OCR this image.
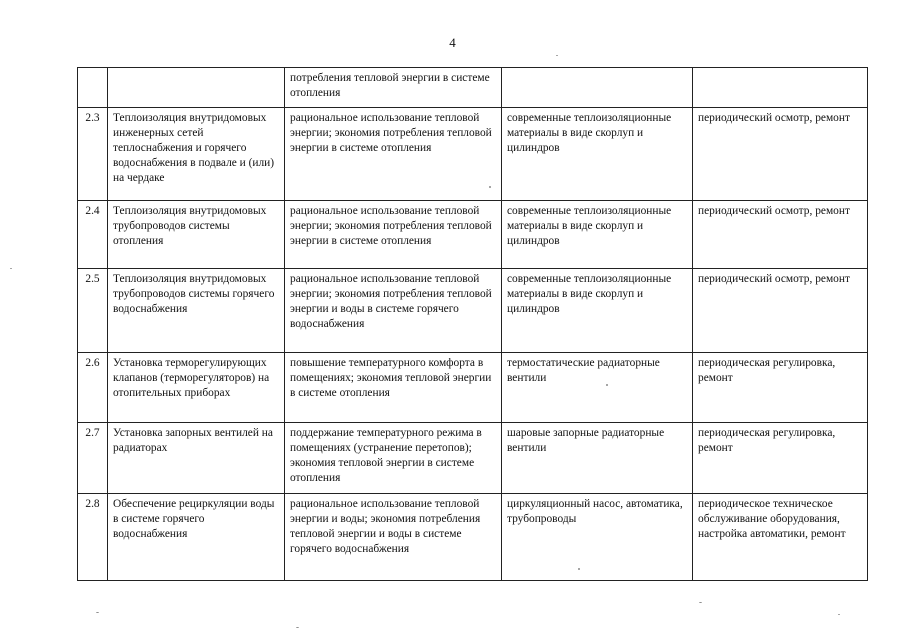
4
		потребления тепловой энергии в системе отопления		
2.3	Теплоизоляция внутридомовых инженерных сетей теплоснабжения и горячего водоснабжения в подвале и (или) на чердаке	рациональное использование тепловой энергии; экономия потребления тепловой энергии в системе отопления	современные теплоизоляционные материалы в виде скорлуп и цилиндров	периодический осмотр, ремонт
2.4	Теплоизоляция внутридомовых трубопроводов системы отопления	рациональное использование тепловой энергии; экономия потребления тепловой энергии в системе отопления	современные теплоизоляционные материалы в виде скорлуп и цилиндров	периодический осмотр, ремонт
2.5	Теплоизоляция внутридомовых трубопроводов системы горячего водоснабжения	рациональное использование тепловой энергии; экономия потребления тепловой энергии и воды в системе горячего водоснабжения	современные теплоизоляционные материалы в виде скорлуп и цилиндров	периодический осмотр, ремонт
2.6	Установка терморегулирующих клапанов (терморегуляторов) на отопительных приборах	повышение температурного комфорта в помещениях; экономия тепловой энергии в системе отопления	термостатические радиаторные вентили	периодическая регулировка, ремонт
2.7	Установка запорных вентилей на радиаторах	поддержание температурного режима в помещениях (устранение перетопов); экономия тепловой энергии в системе отопления	шаровые запорные радиаторные вентили	периодическая регулировка, ремонт
2.8	Обеспечение рециркуляции воды в системе горячего водоснабжения	рациональное использование тепловой энергии и воды; экономия потребления тепловой энергии и воды в системе горячего водоснабжения	циркуляционный насос, автоматика, трубопроводы	периодическое техническое обслуживание оборудования, настройка автоматики, ремонт
